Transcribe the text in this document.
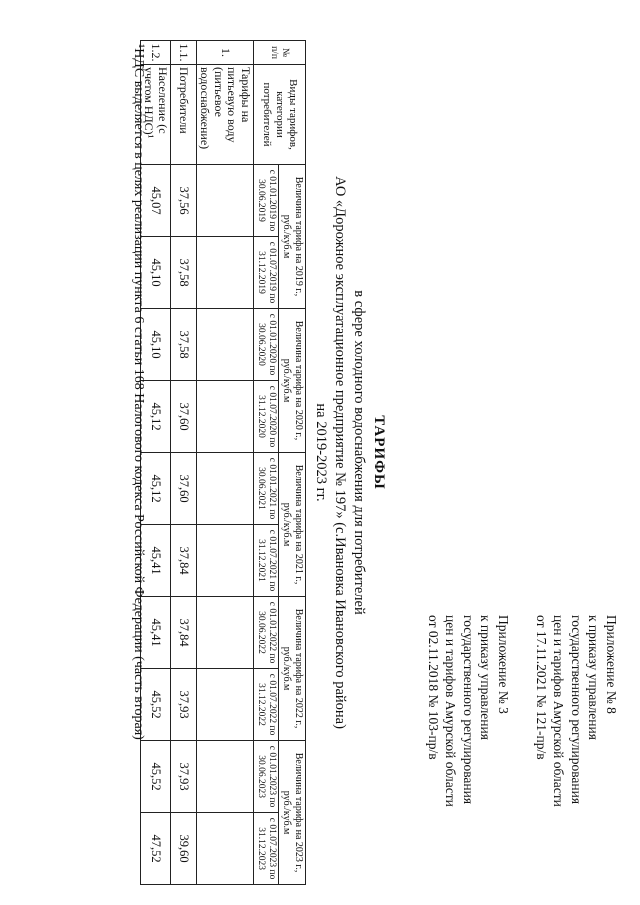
Приложение № 8
к приказу управления
государственного регулирования
цен и тарифов Амурской области
от 17.11.2021 № 121-пр/в
Приложение № 3
к приказу управления
государственного регулирования
цен и тарифов Амурской области
от 02.11.2018 № 103-пр/в
ТАРИФЫ
в сфере холодного водоснабжения для потребителей
АО «Дорожное эксплуатационное предприятие № 197» (с.Ивановка Ивановского района)
на 2019-2023 гг.
№ п/п	Виды тарифов, категории потребителей	Величина тарифа на 2019 г., руб./куб.м		Величина тарифа на 2020 г., руб./куб.м		Величина тарифа на 2021 г., руб./куб.м		Величина тарифа на 2022 г., руб./куб.м		Величина тарифа на 2023 г., руб./куб.м	
		с 01.01.2019 по 30.06.2019	с 01.07.2019 по 31.12.2019	с 01.01.2020 по 30.06.2020	с 01.07.2020 по 31.12.2020	с 01.01.2021 по 30.06.2021	с 01.07.2021 по 31.12.2021	с 01.01.2022 по 30.06.2022	с 01.07.2022 по 31.12.2022	с 01.01.2023 по 30.06.2023	с 01.07.2023 по 31.12.2023
1.	Тарифы на питьевую воду (питьевое водоснабжение)										
1.1.	Потребители	37,56	37,58	37,58	37,60	37,60	37,84	37,84	37,93	37,93	39,60
1.2.	Население (с учетом НДС)¹	45,07	45,10	45,10	45,12	45,12	45,41	45,41	45,52	45,52	47,52
¹НДС выделяется в целях реализации пункта 6 статьи 168 Налогового кодекса Российской Федерации (часть вторая)
